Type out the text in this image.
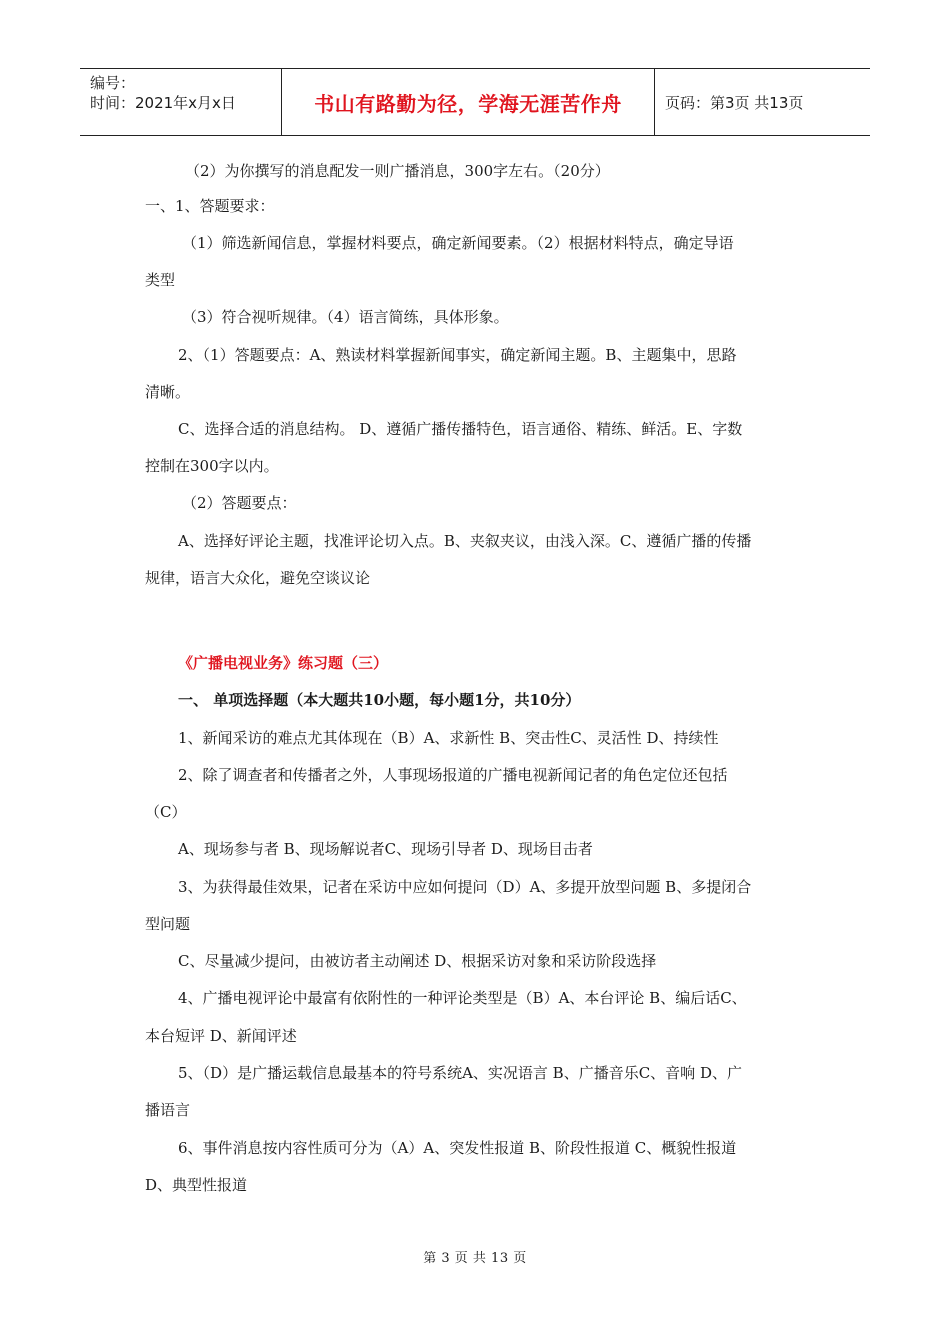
编号：
时间：2021年x月x日	书山有路勤为径，学海无涯苦作舟	页码：第3页 共13页
（2）为你撰写的消息配发一则广播消息，300字左右。（20分）
一、1、答题要求：
（1）筛选新闻信息，掌握材料要点，确定新闻要素。（2）根据材料特点，确定导语
类型
（3）符合视听规律。（4）语言简练，具体形象。
2、（1）答题要点：A、熟读材料掌握新闻事实，确定新闻主题。B、主题集中，思路
清晰。
C、选择合适的消息结构。 D、遵循广播传播特色，语言通俗、精练、鲜活。E、字数
控制在300字以内。
（2）答题要点：
A、选择好评论主题，找准评论切入点。B、夹叙夹议，由浅入深。C、遵循广播的传播
规律，语言大众化，避免空谈议论
《广播电视业务》练习题（三）
一、 单项选择题（本大题共10小题，每小题1分，共10分）
1、新闻采访的难点尤其体现在（B）A、求新性 B、突击性C、灵活性 D、持续性
2、除了调查者和传播者之外，人事现场报道的广播电视新闻记者的角色定位还包括
（C）
A、现场参与者 B、现场解说者C、现场引导者 D、现场目击者
3、为获得最佳效果，记者在采访中应如何提问（D）A、多提开放型问题 B、多提闭合
型问题
C、尽量减少提问，由被访者主动阐述 D、根据采访对象和采访阶段选择
4、广播电视评论中最富有依附性的一种评论类型是（B）A、本台评论 B、编后话C、
本台短评 D、新闻评述
5、（D）是广播运载信息最基本的符号系统A、实况语言 B、广播音乐C、音响 D、广
播语言
6、事件消息按内容性质可分为（A）A、突发性报道 B、阶段性报道 C、概貌性报道
D、典型性报道
第 3 页 共 13 页
